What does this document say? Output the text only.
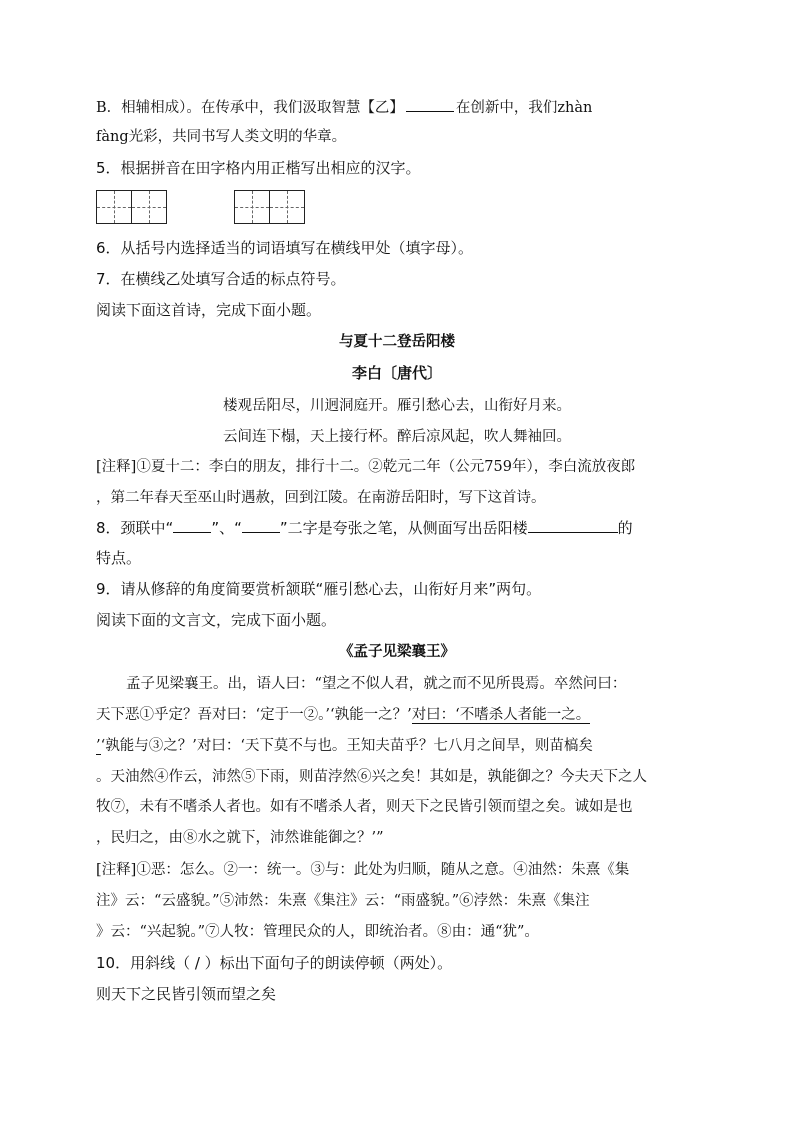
B．相辅相成）。在传承中，我们汲取智慧【乙】	在创新中，我们zhàn
fàng光彩，共同书写人类文明的华章。
5．根据拼音在田字格内用正楷写出相应的汉字。
6．从括号内选择适当的词语填写在横线甲处（填字母）。
7．在横线乙处填写合适的标点符号。
阅读下面这首诗，完成下面小题。
与夏十二登岳阳楼
李白〔唐代〕
楼观岳阳尽，川迥洞庭开。雁引愁心去，山衔好月来。
云间连下榻，天上接行杯。醉后凉风起，吹人舞袖回。
[注释]①夏十二：李白的朋友，排行十二。②乾元二年（公元759年），李白流放夜郎
，第二年春天至巫山时遇赦，回到江陵。在南游岳阳时，写下这首诗。
8．颈联中“	”、“	”二字是夸张之笔，从侧面写出岳阳楼	的
特点。
9．请从修辞的角度简要赏析颔联“雁引愁心去，山衔好月来”两句。
阅读下面的文言文，完成下面小题。
《孟子见梁襄王》
孟子见梁襄王。出，语人曰：“望之不似人君，就之而不见所畏焉。卒然问曰：
天下恶①乎定？吾对曰：‘定于一②。’‘孰能一之？’对曰：‘不嗜杀人者能一之。
’‘孰能与③之？’对曰：‘天下莫不与也。王知夫苗乎？七八月之间旱，则苗槁矣
。天油然④作云，沛然⑤下雨，则苗浡然⑥兴之矣！其如是，孰能御之？今夫天下之人
牧⑦，未有不嗜杀人者也。如有不嗜杀人者，则天下之民皆引领而望之矣。诚如是也
，民归之，由⑧水之就下，沛然谁能御之？’”
[注释]①恶：怎么。②一：统一。③与：此处为归顺，随从之意。④油然：朱熹《集
注》云：“云盛貌。”⑤沛然：朱熹《集注》云：“雨盛貌。”⑥浡然：朱熹《集注
》云：“兴起貌。”⑦人牧：管理民众的人，即统治者。⑧由：通“犹”。
10．用斜线（ / ）标出下面句子的朗读停顿（两处）。
则天下之民皆引领而望之矣
